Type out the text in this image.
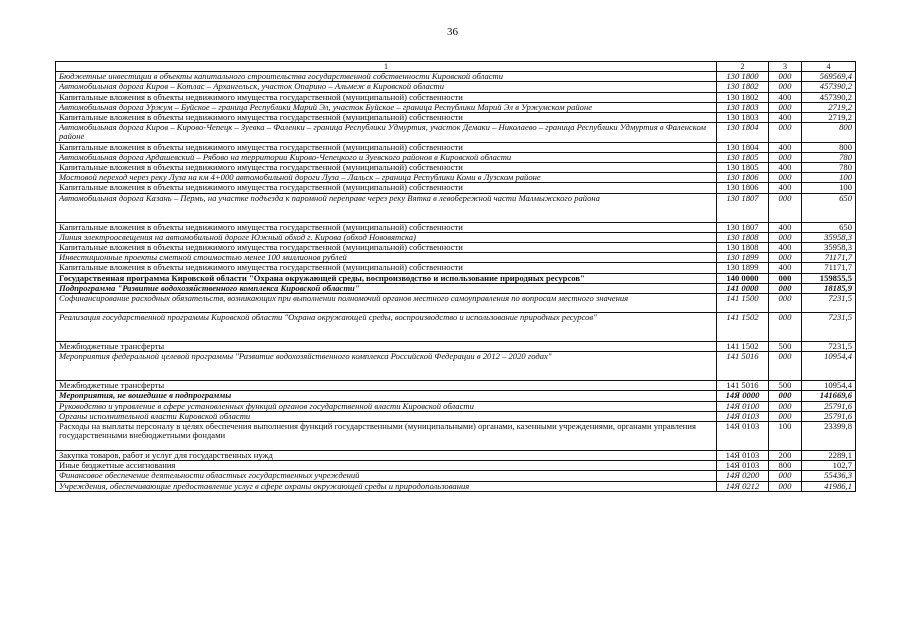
36
1	2	3	4
Бюджетные инвестиции в объекты капитального строительства государственной собственности Кировской области	130 1800	000	569569,4
Автомобильная дорога Киров – Котлас – Архангельск, участок Опарино – Альмеж в Кировской области	130 1802	000	457390,2
Капитальные вложения в объекты недвижимого имущества государственной (муниципальной) собственности	130 1802	400	457390,2
Автомобильная дорога Уржум – Буйское – граница Республики Марий Эл, участок Буйское – граница Республики Марий Эл в Уржумском районе	130 1803	000	2719,2
Капитальные вложения в объекты недвижимого имущества государственной (муниципальной) собственности	130 1803	400	2719,2
Автомобильная дорога Киров – Кирово-Чепецк – Зуевка – Фаленки – граница Республики Удмуртия, участок Демаки – Николаево – граница Республики Удмуртия в Фаленском районе	130 1804	000	800
Капитальные вложения в объекты недвижимого имущества государственной (муниципальной) собственности	130 1804	400	800
Автомобильная дорога Ардашевский – Рябово на территории Кирово-Чепецкого и Зуевского районов в Кировской области	130 1805	000	780
Капитальные вложения в объекты недвижимого имущества государственной (муниципальной) собственности	130 1805	400	780
Мостовой переход через реку Луза на км 4+000 автомобильной дороги Луза – Лальск – граница Республики Коми в Лузском районе	130 1806	000	100
Капитальные вложения в объекты недвижимого имущества государственной (муниципальной) собственности	130 1806	400	100
Автомобильная дорога Казань – Пермь, на участке подъезда к паромной переправе через реку Вятка в левобережной части Малмыжского района	130 1807	000	650
Капитальные вложения в объекты недвижимого имущества государственной (муниципальной) собственности	130 1807	400	650
Линия электроосвещения на автомобильной дороге Южный обход г. Кирова (обход Нововятска)	130 1808	000	35958,3
Капитальные вложения в объекты недвижимого имущества государственной (муниципальной) собственности	130 1808	400	35958,3
Инвестиционные проекты сметной стоимостью менее 100 миллионов рублей	130 1899	000	71171,7
Капитальные вложения в объекты недвижимого имущества государственной (муниципальной) собственности	130 1899	400	71171,7
Государственная программа Кировской области "Охрана окружающей среды, воспроизводство и использование природных ресурсов"	140 0000	000	159855,5
Подпрограмма "Развитие водохозяйственного комплекса Кировской области"	141 0000	000	18185,9
Софинансирование расходных обязательств, возникающих при выполнении полномочий органов местного самоуправления по вопросам местного значения	141 1500	000	7231,5
Реализация государственной программы Кировской области "Охрана окружающей среды, воспроизводство и использование природных ресурсов"	141 1502	000	7231,5
Межбюджетные трансферты	141 1502	500	7231,5
Мероприятия федеральной целевой программы "Развитие водохозяйственного комплекса Российской Федерации в 2012 – 2020 годах"	141 5016	000	10954,4
Межбюджетные трансферты	141 5016	500	10954,4
Мероприятия, не вошедшие в подпрограммы	14Я 0000	000	141669,6
Руководство и управление в сфере установленных функций органов государственной власти Кировской области	14Я 0100	000	25791,6
Органы исполнительной власти Кировской области	14Я 0103	000	25791,6
Расходы на выплаты персоналу в целях обеспечения выполнения функций государственными (муниципальными) органами, казенными учреждениями, органами управления государственными внебюджетными фондами	14Я 0103	100	23399,8
Закупка товаров, работ и услуг для государственных нужд	14Я 0103	200	2289,1
Иные бюджетные ассигнования	14Я 0103	800	102,7
Финансовое обеспечение деятельности областных государственных учреждений	14Я 0200	000	55436,3
Учреждения, обеспечивающие предоставление услуг в сфере охраны окружающей среды и природопользования	14Я 0212	000	41986,1
